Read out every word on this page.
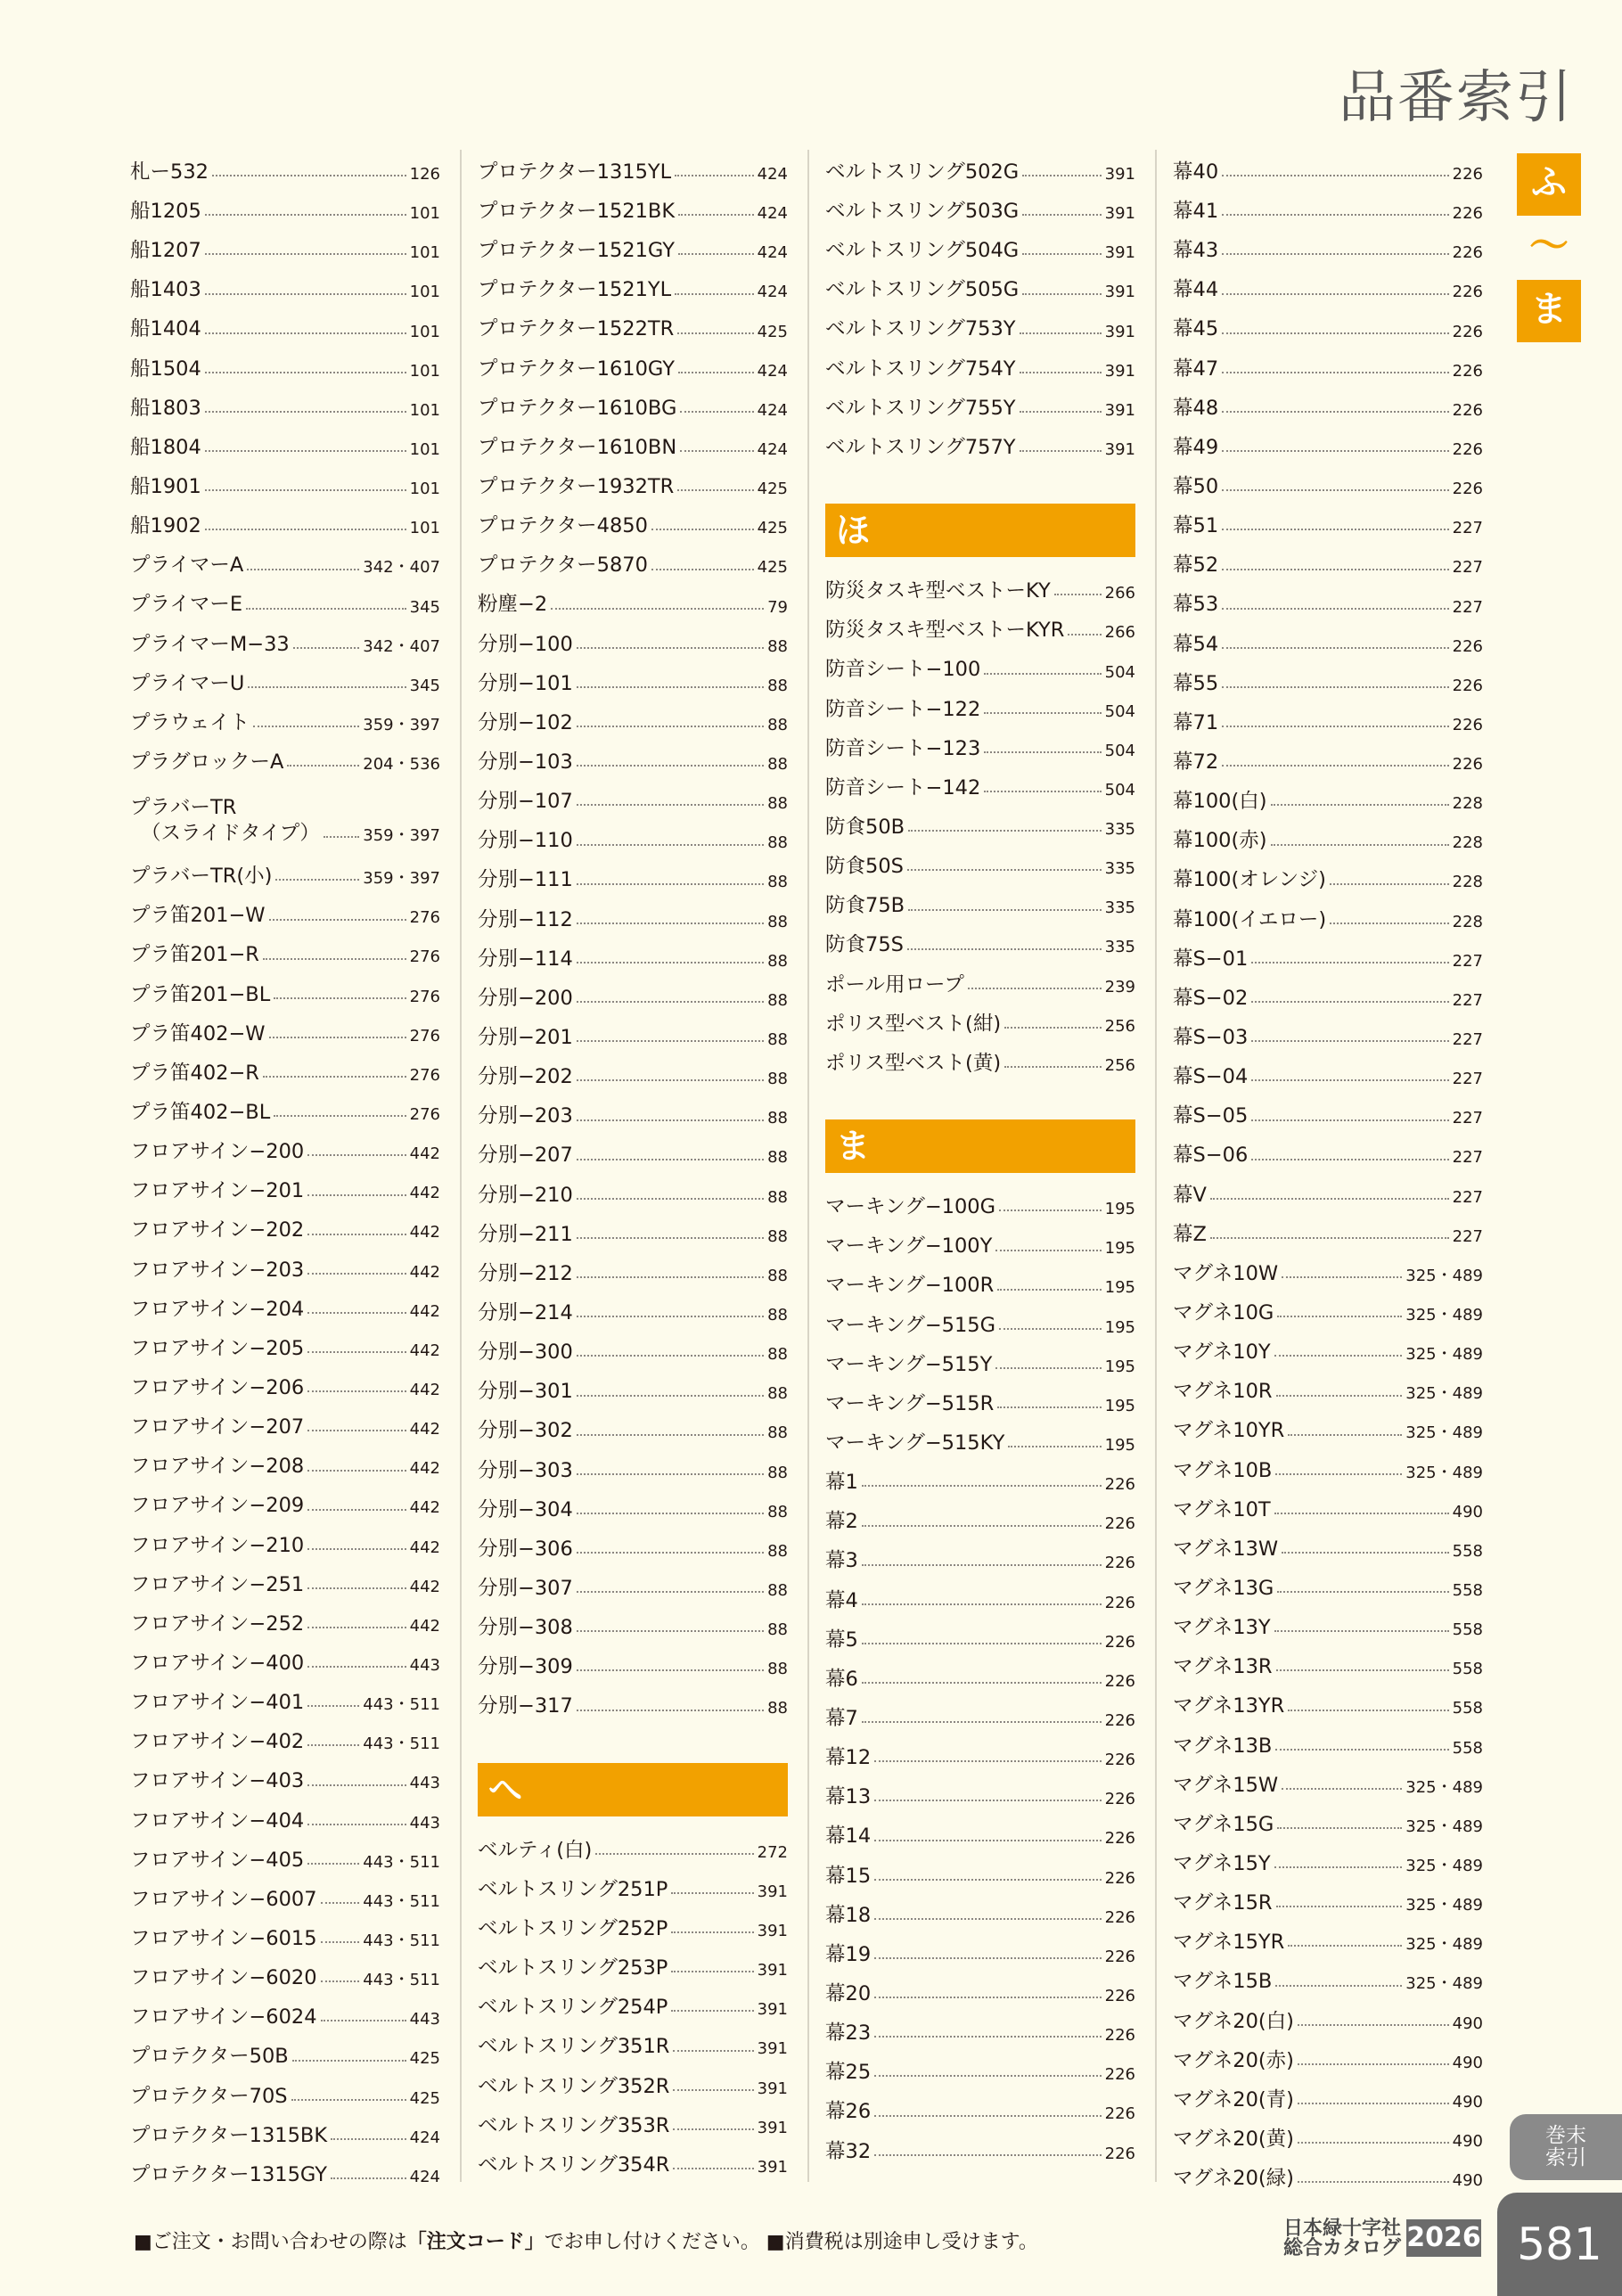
品番索引
ふ
〜
ま
札ー532	126
船1205	101
船1207	101
船1403	101
船1404	101
船1504	101
船1803	101
船1804	101
船1901	101
船1902	101
プライマーA	342・407
プライマーE	345
プライマーM−33	342・407
プライマーU	345
プラウェイト	359・397
プラグロックーA	204・536
プラバーTR
（スライドタイプ）	359・397
プラバーTR(小)	359・397
プラ笛201−W	276
プラ笛201−R	276
プラ笛201−BL	276
プラ笛402−W	276
プラ笛402−R	276
プラ笛402−BL	276
フロアサイン−200	442
フロアサイン−201	442
フロアサイン−202	442
フロアサイン−203	442
フロアサイン−204	442
フロアサイン−205	442
フロアサイン−206	442
フロアサイン−207	442
フロアサイン−208	442
フロアサイン−209	442
フロアサイン−210	442
フロアサイン−251	442
フロアサイン−252	442
フロアサイン−400	443
フロアサイン−401	443・511
フロアサイン−402	443・511
フロアサイン−403	443
フロアサイン−404	443
フロアサイン−405	443・511
フロアサイン−6007	443・511
フロアサイン−6015	443・511
フロアサイン−6020	443・511
フロアサイン−6024	443
プロテクター50B	425
プロテクター70S	425
プロテクター1315BK	424
プロテクター1315GY	424
プロテクター1315YL	424
プロテクター1521BK	424
プロテクター1521GY	424
プロテクター1521YL	424
プロテクター1522TR	425
プロテクター1610GY	424
プロテクター1610BG	424
プロテクター1610BN	424
プロテクター1932TR	425
プロテクター4850	425
プロテクター5870	425
粉塵−2	79
分別−100	88
分別−101	88
分別−102	88
分別−103	88
分別−107	88
分別−110	88
分別−111	88
分別−112	88
分別−114	88
分別−200	88
分別−201	88
分別−202	88
分別−203	88
分別−207	88
分別−210	88
分別−211	88
分別−212	88
分別−214	88
分別−300	88
分別−301	88
分別−302	88
分別−303	88
分別−304	88
分別−306	88
分別−307	88
分別−308	88
分別−309	88
分別−317	88
へ
ベルティ(白)	272
ベルトスリング251P	391
ベルトスリング252P	391
ベルトスリング253P	391
ベルトスリング254P	391
ベルトスリング351R	391
ベルトスリング352R	391
ベルトスリング353R	391
ベルトスリング354R	391
ベルトスリング502G	391
ベルトスリング503G	391
ベルトスリング504G	391
ベルトスリング505G	391
ベルトスリング753Y	391
ベルトスリング754Y	391
ベルトスリング755Y	391
ベルトスリング757Y	391
ほ
防災タスキ型ベストーKY	266
防災タスキ型ベストーKYR	266
防音シート−100	504
防音シート−122	504
防音シート−123	504
防音シート−142	504
防食50B	335
防食50S	335
防食75B	335
防食75S	335
ポール用ロープ	239
ポリス型ベスト(紺)	256
ポリス型ベスト(黄)	256
ま
マーキング−100G	195
マーキング−100Y	195
マーキング−100R	195
マーキング−515G	195
マーキング−515Y	195
マーキング−515R	195
マーキング−515KY	195
幕1	226
幕2	226
幕3	226
幕4	226
幕5	226
幕6	226
幕7	226
幕12	226
幕13	226
幕14	226
幕15	226
幕18	226
幕19	226
幕20	226
幕23	226
幕25	226
幕26	226
幕32	226
幕40	226
幕41	226
幕43	226
幕44	226
幕45	226
幕47	226
幕48	226
幕49	226
幕50	226
幕51	227
幕52	227
幕53	227
幕54	226
幕55	226
幕71	226
幕72	226
幕100(白)	228
幕100(赤)	228
幕100(オレンジ)	228
幕100(イエロー)	228
幕S−01	227
幕S−02	227
幕S−03	227
幕S−04	227
幕S−05	227
幕S−06	227
幕V	227
幕Z	227
マグネ10W	325・489
マグネ10G	325・489
マグネ10Y	325・489
マグネ10R	325・489
マグネ10YR	325・489
マグネ10B	325・489
マグネ10T	490
マグネ13W	558
マグネ13G	558
マグネ13Y	558
マグネ13R	558
マグネ13YR	558
マグネ13B	558
マグネ15W	325・489
マグネ15G	325・489
マグネ15Y	325・489
マグネ15R	325・489
マグネ15YR	325・489
マグネ15B	325・489
マグネ20(白)	490
マグネ20(赤)	490
マグネ20(青)	490
マグネ20(黄)	490
マグネ20(緑)	490
巻末
索引
■ご注文・お問い合わせの際は「注文コード」でお申し付けください。 ■消費税は別途申し受けます。
日本緑十字社
総合カタログ 2026 581
